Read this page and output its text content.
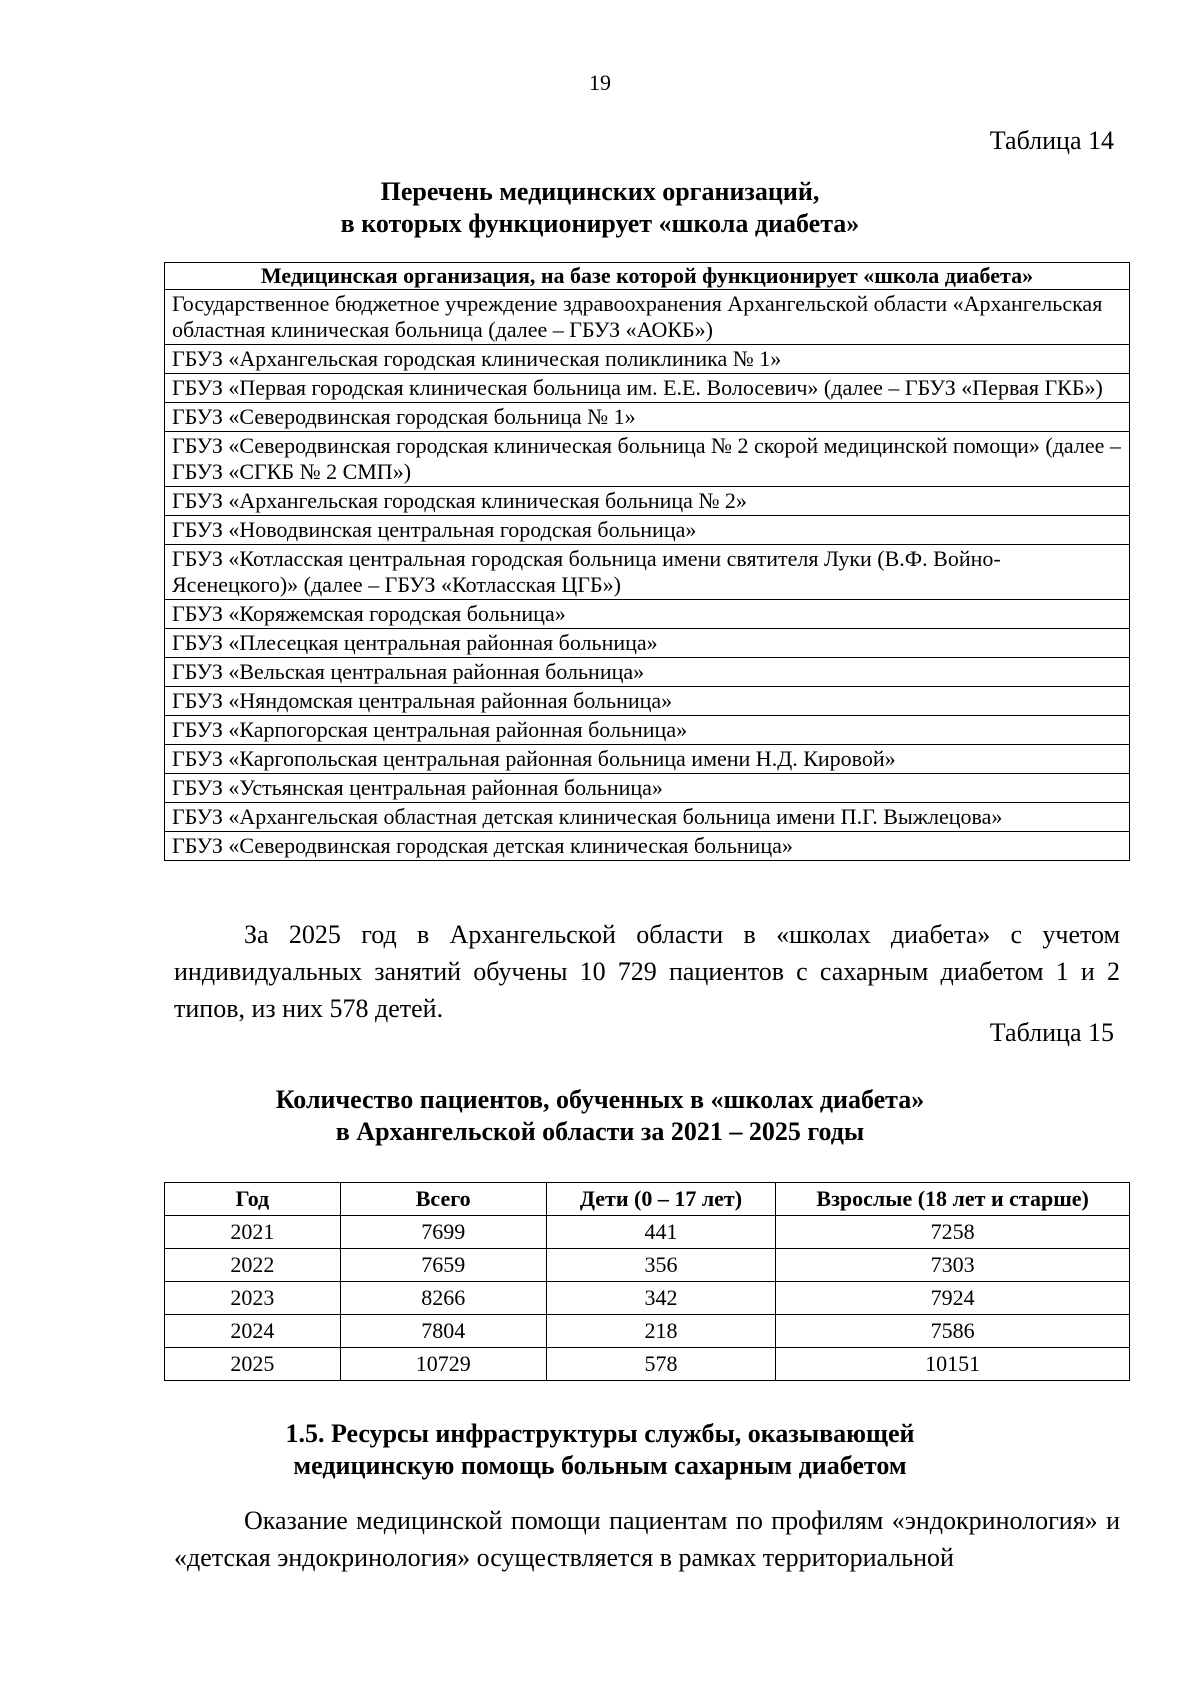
19
Таблица 14
Перечень медицинских организаций,
в которых функционирует «школа диабета»
Медицинская организация, на базе которой функционирует «школа диабета»
Государственное бюджетное учреждение здравоохранения Архангельской области «Архангельская областная клиническая больница (далее – ГБУЗ «АОКБ»)
ГБУЗ «Архангельская городская клиническая поликлиника № 1»
ГБУЗ «Первая городская клиническая больница им. Е.Е. Волосевич» (далее – ГБУЗ «Первая ГКБ»)
ГБУЗ «Северодвинская городская больница № 1»
ГБУЗ «Северодвинская городская клиническая больница № 2 скорой медицинской помощи» (далее – ГБУЗ «СГКБ № 2 СМП»)
ГБУЗ «Архангельская городская клиническая больница № 2»
ГБУЗ «Новодвинская центральная городская больница»
ГБУЗ «Котласская центральная городская больница имени святителя Луки (В.Ф. Войно-Ясенецкого)» (далее – ГБУЗ «Котласская ЦГБ»)
ГБУЗ «Коряжемская городская больница»
ГБУЗ «Плесецкая центральная районная больница»
ГБУЗ «Вельская центральная районная больница»
ГБУЗ «Няндомская центральная районная больница»
ГБУЗ «Карпогорская центральная районная больница»
ГБУЗ «Каргопольская центральная районная больница имени Н.Д. Кировой»
ГБУЗ «Устьянская центральная районная больница»
ГБУЗ «Архангельская областная детская клиническая больница имени П.Г. Выжлецова»
ГБУЗ «Северодвинская городская детская клиническая больница»
За 2025 год в Архангельской области в «школах диабета» с учетом индивидуальных занятий обучены 10 729 пациентов с сахарным диабетом 1 и 2 типов, из них 578 детей.
Таблица 15
Количество пациентов, обученных в «школах диабета»
в Архангельской области за 2021 – 2025 годы
Год	Всего	Дети (0 – 17 лет)	Взрослые (18 лет и старше)
2021	7699	441	7258
2022	7659	356	7303
2023	8266	342	7924
2024	7804	218	7586
2025	10729	578	10151
1.5. Ресурсы инфраструктуры службы, оказывающей
медицинскую помощь больным сахарным диабетом
Оказание медицинской помощи пациентам по профилям «эндокринология» и «детская эндокринология» осуществляется в рамках территориальной
